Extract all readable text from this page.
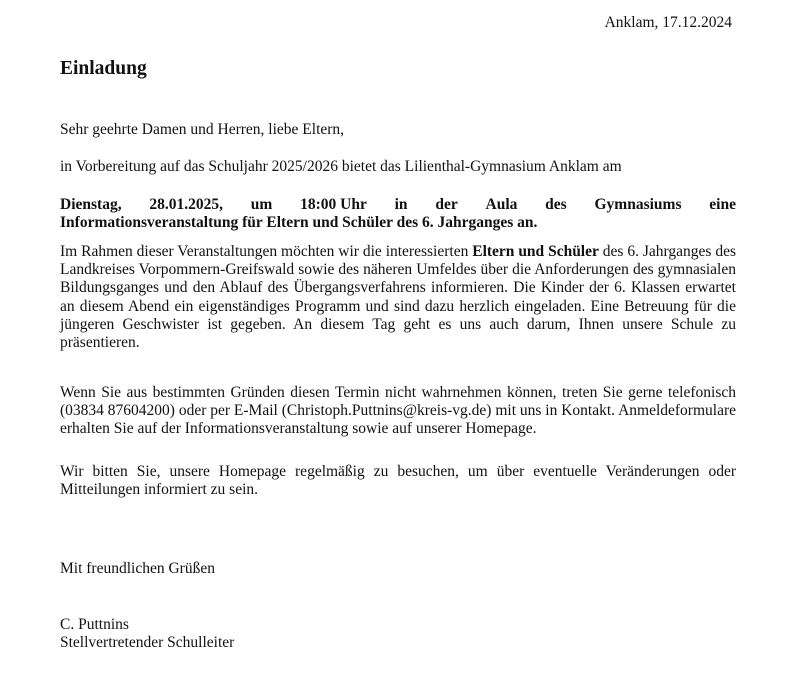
Anklam, 17.12.2024
Einladung
Sehr geehrte Damen und Herren, liebe Eltern,
in Vorbereitung auf das Schuljahr 2025/2026 bietet das Lilienthal-Gymnasium Anklam am
Dienstag, 28.01.2025, um 18:00 Uhr in der Aula des Gymnasiums eine
Informationsveranstaltung für Eltern und Schüler des 6. Jahrganges an.
Im Rahmen dieser Veranstaltungen möchten wir die interessierten Eltern und Schüler des 6. Jahrganges des Landkreises Vorpommern-Greifswald sowie des näheren Umfeldes über die Anforderungen des gymnasialen Bildungsganges und den Ablauf des Übergangsverfahrens informieren. Die Kinder der 6. Klassen erwartet an diesem Abend ein eigenständiges Programm und sind dazu herzlich eingeladen. Eine Betreuung für die jüngeren Geschwister ist gegeben. An diesem Tag geht es uns auch darum, Ihnen unsere Schule zu präsentieren.
Wenn Sie aus bestimmten Gründen diesen Termin nicht wahrnehmen können, treten Sie gerne telefonisch (03834 87604200) oder per E-Mail (Christoph.Puttnins@kreis-vg.de) mit uns in Kontakt. Anmeldeformulare erhalten Sie auf der Informationsveranstaltung sowie auf unserer Homepage.
Wir bitten Sie, unsere Homepage regelmäßig zu besuchen, um über eventuelle Veränderungen oder Mitteilungen informiert zu sein.
Mit freundlichen Grüßen
C. Puttnins
Stellvertretender Schulleiter
